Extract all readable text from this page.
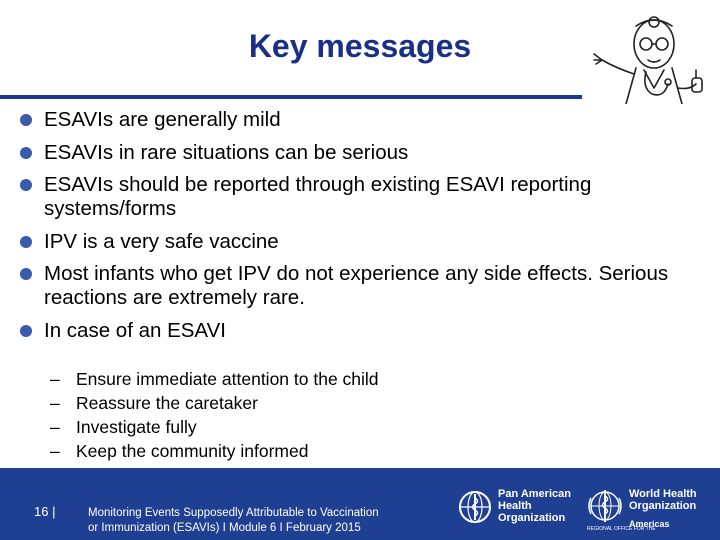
Key messages
ESAVIs are generally mild
ESAVIs in rare situations can be serious
ESAVIs should be reported through existing ESAVI reporting systems/forms
IPV is a very safe vaccine
Most infants who get IPV do not experience any side effects. Serious reactions are extremely rare.
In case of an ESAVI
– Ensure immediate attention to the child
– Reassure the caretaker
– Investigate fully
– Keep the community informed
16 |	Monitoring Events Supposedly Attributable to Vaccination
or Immunization (ESAVIs) I Module 6 I February 2015
Pan American
Health
Organization
World Health
Organization
Americas
REGIONAL OFFICE FOR THE
